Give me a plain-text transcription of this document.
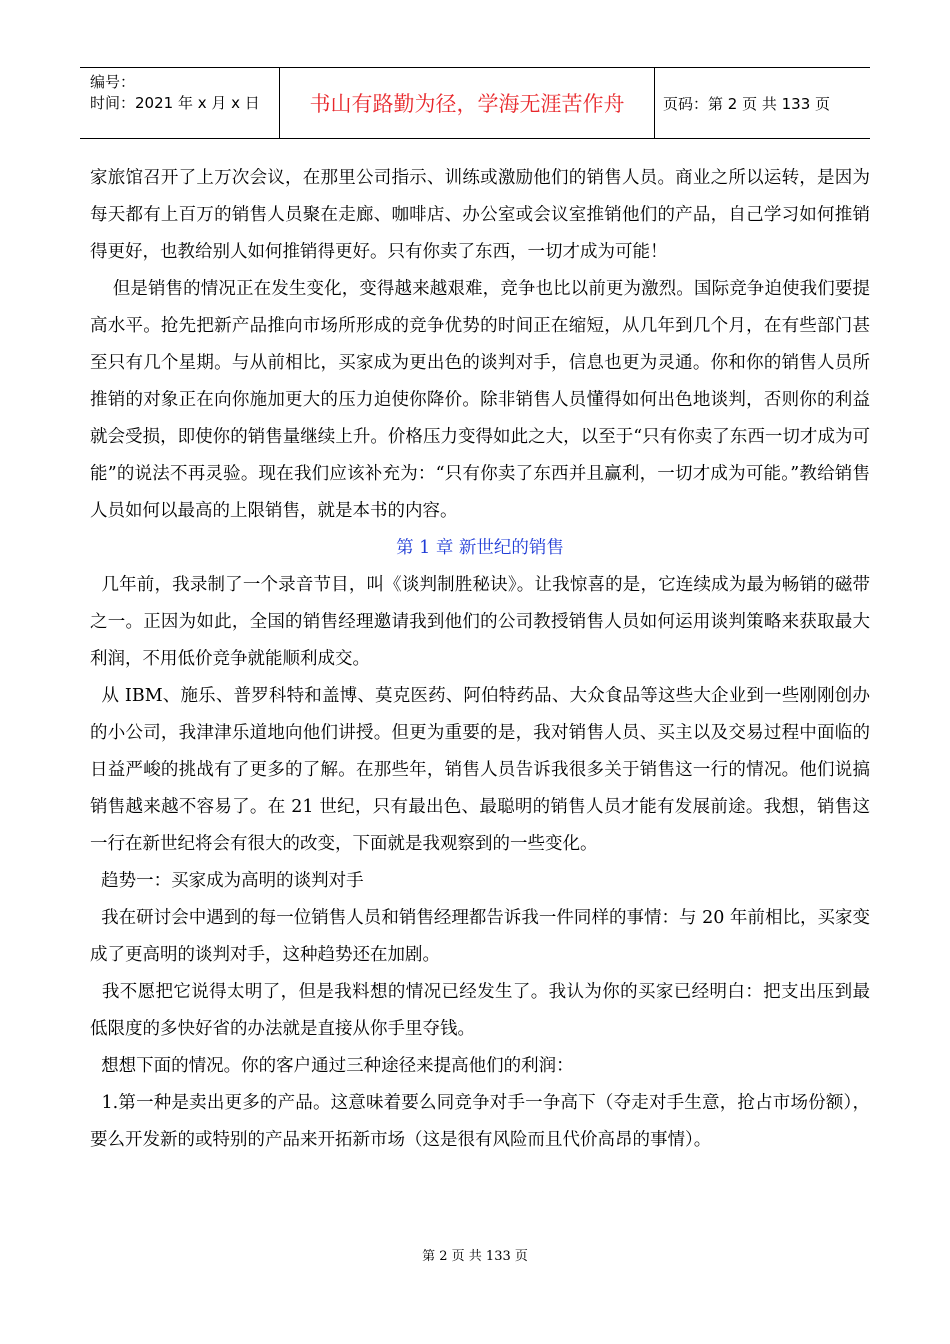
编号：
时间：2021 年 x 月 x 日	书山有路勤为径，学海无涯苦作舟	页码：第 2 页 共 133 页

家旅馆召开了上万次会议，在那里公司指示、训练或激励他们的销售人员。商业之所以运转，是因为每天都有上百万的销售人员聚在走廊、咖啡店、办公室或会议室推销他们的产品，自己学习如何推销得更好，也教给别人如何推销得更好。只有你卖了东西，一切才成为可能！

但是销售的情况正在发生变化，变得越来越艰难，竞争也比以前更为激烈。国际竞争迫使我们要提高水平。抢先把新产品推向市场所形成的竞争优势的时间正在缩短，从几年到几个月，在有些部门甚至只有几个星期。与从前相比，买家成为更出色的谈判对手，信息也更为灵通。你和你的销售人员所推销的对象正在向你施加更大的压力迫使你降价。除非销售人员懂得如何出色地谈判，否则你的利益就会受损，即使你的销售量继续上升。价格压力变得如此之大，以至于“只有你卖了东西一切才成为可能”的说法不再灵验。现在我们应该补充为：“只有你卖了东西并且赢利，一切才成为可能。”教给销售人员如何以最高的上限销售，就是本书的内容。

第 1 章 新世纪的销售

几年前，我录制了一个录音节目，叫《谈判制胜秘诀》。让我惊喜的是，它连续成为最为畅销的磁带之一。正因为如此，全国的销售经理邀请我到他们的公司教授销售人员如何运用谈判策略来获取最大利润，不用低价竞争就能顺利成交。

从 IBM、施乐、普罗科特和盖博、莫克医药、阿伯特药品、大众食品等这些大企业到一些刚刚创办的小公司，我津津乐道地向他们讲授。但更为重要的是，我对销售人员、买主以及交易过程中面临的日益严峻的挑战有了更多的了解。在那些年，销售人员告诉我很多关于销售这一行的情况。他们说搞销售越来越不容易了。在 21 世纪，只有最出色、最聪明的销售人员才能有发展前途。我想，销售这一行在新世纪将会有很大的改变，下面就是我观察到的一些变化。

趋势一：买家成为高明的谈判对手

我在研讨会中遇到的每一位销售人员和销售经理都告诉我一件同样的事情：与 20 年前相比，买家变成了更高明的谈判对手，这种趋势还在加剧。

我不愿把它说得太明了，但是我料想的情况已经发生了。我认为你的买家已经明白：把支出压到最低限度的多快好省的办法就是直接从你手里夺钱。

想想下面的情况。你的客户通过三种途径来提高他们的利润：

1.第一种是卖出更多的产品。这意味着要么同竞争对手一争高下（夺走对手生意，抢占市场份额），要么开发新的或特别的产品来开拓新市场（这是很有风险而且代价高昂的事情）。

第 2 页 共 133 页
